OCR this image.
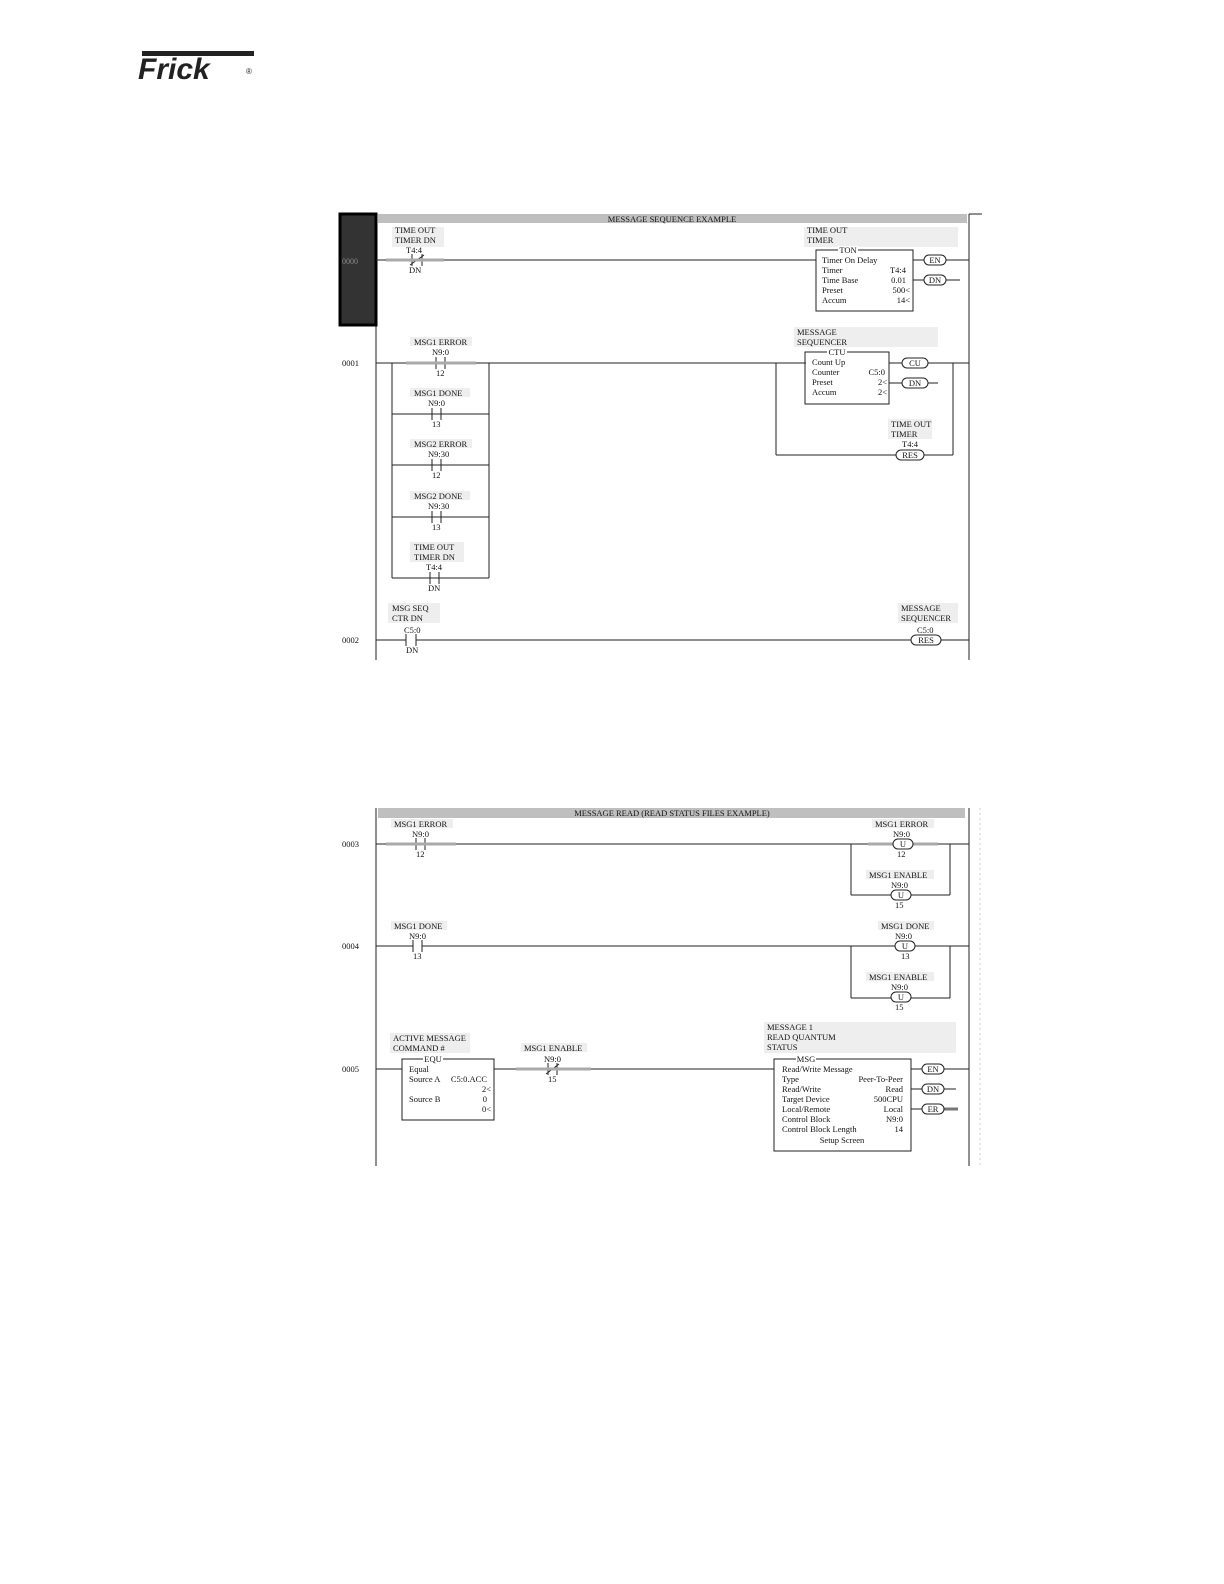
Frick	®
MESSAGE SEQUENCE EXAMPLE
0000
TIME OUT
TIMER DN
T4:4
DN
TIME OUT
TIMER
TON
Timer On Delay
Timer	T4:4
Time Base	0.01
Preset	500<
Accum	14<
EN
DN
0001
MSG1 ERROR
N9:0
12
MSG1 DONE
N9:0
13
MSG2 ERROR
N9:30
12
MSG2 DONE
N9:30
13
TIME OUT
TIMER DN
T4:4
DN
MESSAGE
SEQUENCER
CTU
Count Up
Counter	C5:0
Preset	2<
Accum	2<
CU
DN
TIME OUT
TIMER
T4:4
RES
0002
MSG SEQ
CTR DN
C5:0
DN
MESSAGE
SEQUENCER
C5:0
RES
MESSAGE READ (READ STATUS FILES EXAMPLE)
0003
MSG1 ERROR
N9:0
12
MSG1 ERROR
N9:0
U
12
MSG1 ENABLE
N9:0
U
15
0004
MSG1 DONE
N9:0
13
MSG1 DONE
N9:0
U
13
MSG1 ENABLE
N9:0
U
15
0005
ACTIVE MESSAGE
COMMAND #
EQU
Equal
Source A C5:0.ACC
2<
Source B	0
0<
MSG1 ENABLE
N9:0
15
MESSAGE 1
READ QUANTUM
STATUS
MSG
Read/Write Message
Type	Peer-To-Peer
Read/Write	Read
Target Device	500CPU
Local/Remote	Local
Control Block	N9:0
Control Block Length	14
Setup Screen
EN
DN
ER
